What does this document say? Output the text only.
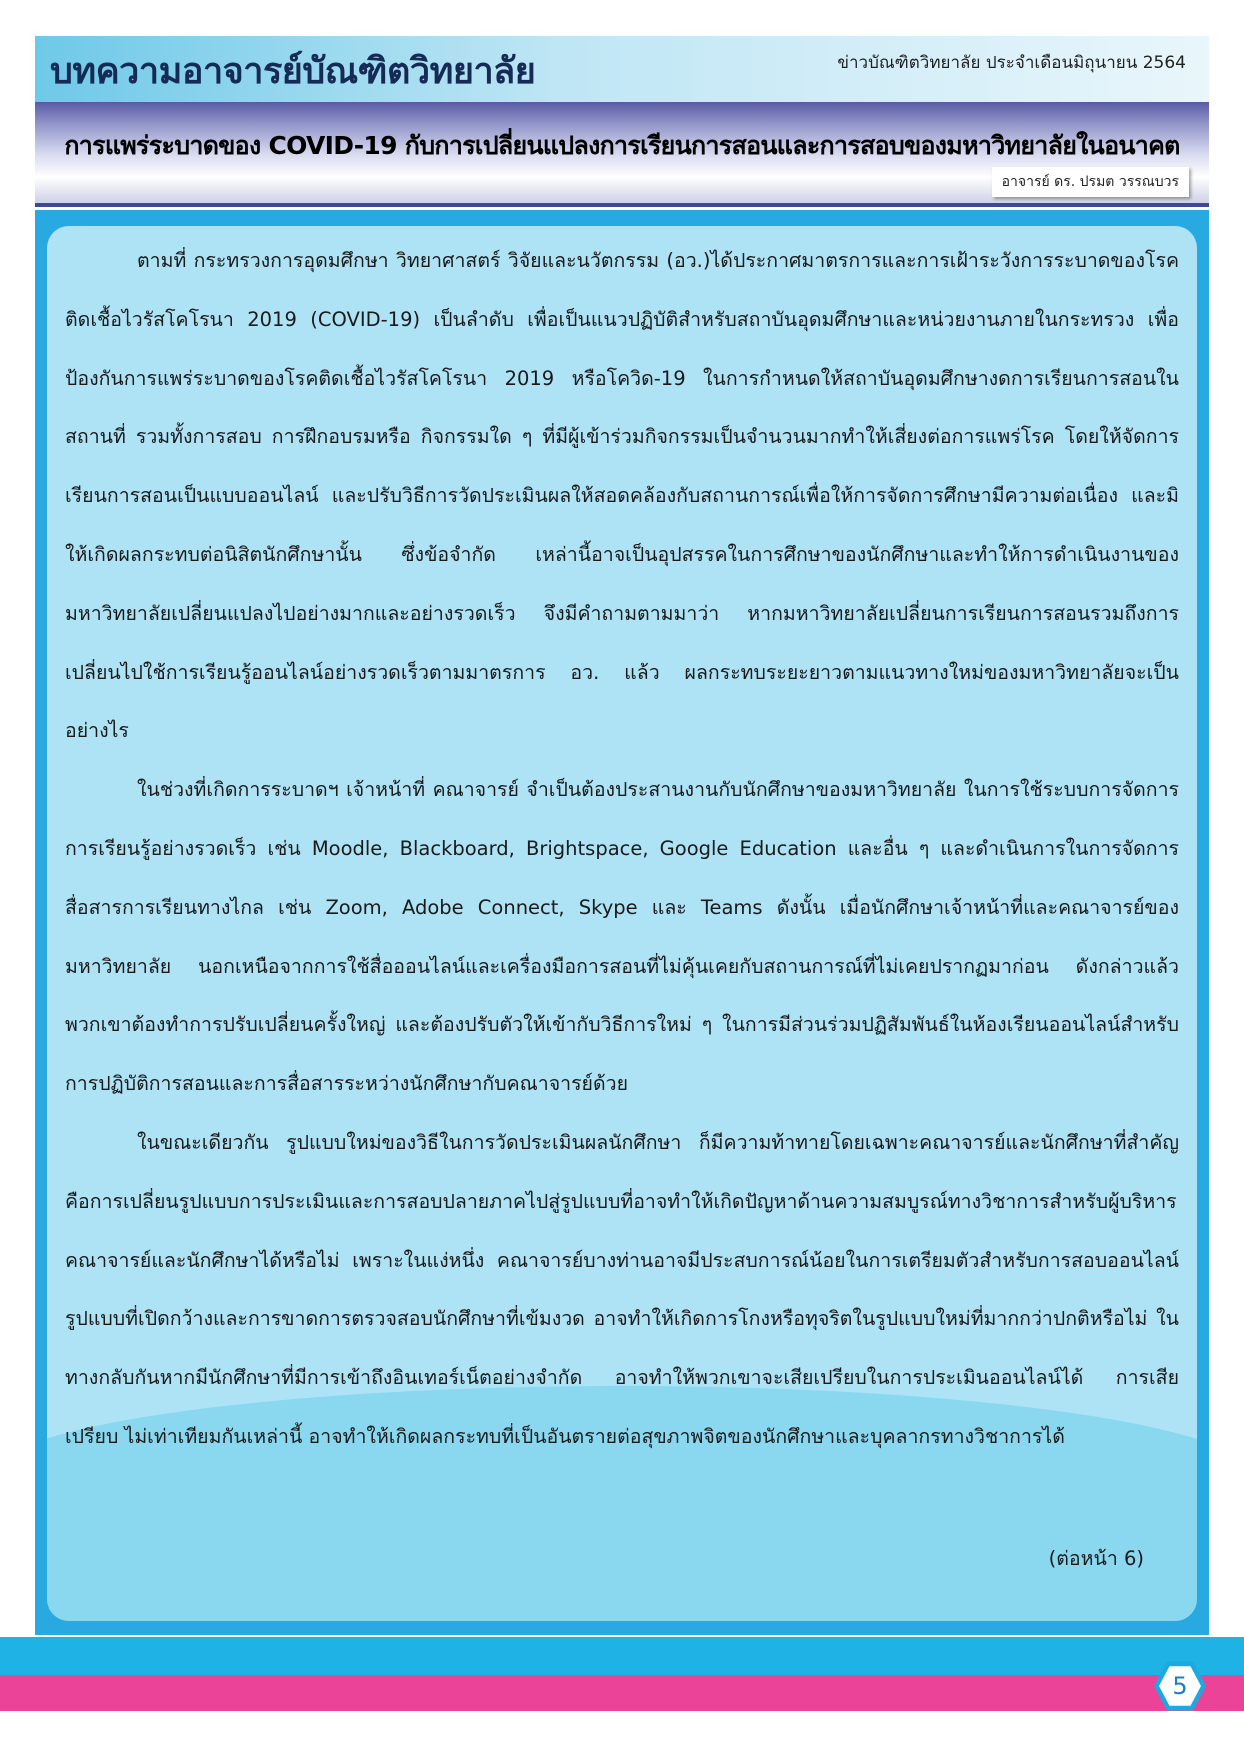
บทความอาจารย์บัณฑิตวิทยาลัย	ข่าวบัณฑิตวิทยาลัย ประจำเดือนมิถุนายน 2564
การแพร่ระบาดของ COVID-19 กับการเปลี่ยนแปลงการเรียนการสอนและการสอบของมหาวิทยาลัยในอนาคต
อาจารย์ ดร. ปรมต วรรณบวร

ตามที่ กระทรวงการอุดมศึกษา วิทยาศาสตร์ วิจัยและนวัตกรรม (อว.)ได้ประกาศมาตรการและการเฝ้าระวังการระบาดของโรคติดเชื้อไวรัสโคโรนา 2019 (COVID-19) เป็นลำดับ เพื่อเป็นแนวปฏิบัติสำหรับสถาบันอุดมศึกษาและหน่วยงานภายในกระทรวง เพื่อป้องกันการแพร่ระบาดของโรคติดเชื้อไวรัสโคโรนา 2019 หรือโควิด-19 ในการกำหนดให้สถาบันอุดมศึกษางดการเรียนการสอนในสถานที่ รวมทั้งการสอบ การฝึกอบรมหรือ กิจกรรมใด ๆ ที่มีผู้เข้าร่วมกิจกรรมเป็นจำนวนมากทำให้เสี่ยงต่อการแพร่โรค โดยให้จัดการเรียนการสอนเป็นแบบออนไลน์ และปรับวิธีการวัดประเมินผลให้สอดคล้องกับสถานการณ์เพื่อให้การจัดการศึกษามีความต่อเนื่อง และมิให้เกิดผลกระทบต่อนิสิตนักศึกษานั้น ซึ่งข้อจำกัด เหล่านี้อาจเป็นอุปสรรคในการศึกษาของนักศึกษาและทำให้การดำเนินงานของมหาวิทยาลัยเปลี่ยนแปลงไปอย่างมากและอย่างรวดเร็ว จึงมีคำถามตามมาว่า หากมหาวิทยาลัยเปลี่ยนการเรียนการสอนรวมถึงการเปลี่ยนไปใช้การเรียนรู้ออนไลน์อย่างรวดเร็วตามมาตรการ อว. แล้ว ผลกระทบระยะยาวตามแนวทางใหม่ของมหาวิทยาลัยจะเป็นอย่างไร

ในช่วงที่เกิดการระบาดฯ เจ้าหน้าที่ คณาจารย์ จำเป็นต้องประสานงานกับนักศึกษาของมหาวิทยาลัย ในการใช้ระบบการจัดการการเรียนรู้อย่างรวดเร็ว เช่น Moodle, Blackboard, Brightspace, Google Education และอื่น ๆ และดำเนินการในการจัดการสื่อสารการเรียนทางไกล เช่น Zoom, Adobe Connect, Skype และ Teams ดังนั้น เมื่อนักศึกษาเจ้าหน้าที่และคณาจารย์ของมหาวิทยาลัย นอกเหนือจากการใช้สื่อออนไลน์และเครื่องมือการสอนที่ไม่คุ้นเคยกับสถานการณ์ที่ไม่เคยปรากฏมาก่อน ดังกล่าวแล้ว พวกเขาต้องทำการปรับเปลี่ยนครั้งใหญ่ และต้องปรับตัวให้เข้ากับวิธีการใหม่ ๆ ในการมีส่วนร่วมปฏิสัมพันธ์ในห้องเรียนออนไลน์สำหรับการปฏิบัติการสอนและการสื่อสารระหว่างนักศึกษากับคณาจารย์ด้วย

ในขณะเดียวกัน รูปแบบใหม่ของวิธีในการวัดประเมินผลนักศึกษา ก็มีความท้าทายโดยเฉพาะคณาจารย์และนักศึกษาที่สำคัญคือการเปลี่ยนรูปแบบการประเมินและการสอบปลายภาคไปสู่รูปแบบที่อาจทำให้เกิดปัญหาด้านความสมบูรณ์ทางวิชาการสำหรับผู้บริหาร คณาจารย์และนักศึกษาได้หรือไม่ เพราะในแง่หนึ่ง คณาจารย์บางท่านอาจมีประสบการณ์น้อยในการเตรียมตัวสำหรับการสอบออนไลน์ รูปแบบที่เปิดกว้างและการขาดการตรวจสอบนักศึกษาที่เข้มงวด อาจทำให้เกิดการโกงหรือทุจริตในรูปแบบใหม่ที่มากกว่าปกติหรือไม่ ในทางกลับกันหากมีนักศึกษาที่มีการเข้าถึงอินเทอร์เน็ตอย่างจำกัด อาจทำให้พวกเขาจะเสียเปรียบในการประเมินออนไลน์ได้ การเสียเปรียบ ไม่เท่าเทียมกันเหล่านี้ อาจทำให้เกิดผลกระทบที่เป็นอันตรายต่อสุขภาพจิตของนักศึกษาและบุคลากรทางวิชาการได้

(ต่อหน้า 6)
5
